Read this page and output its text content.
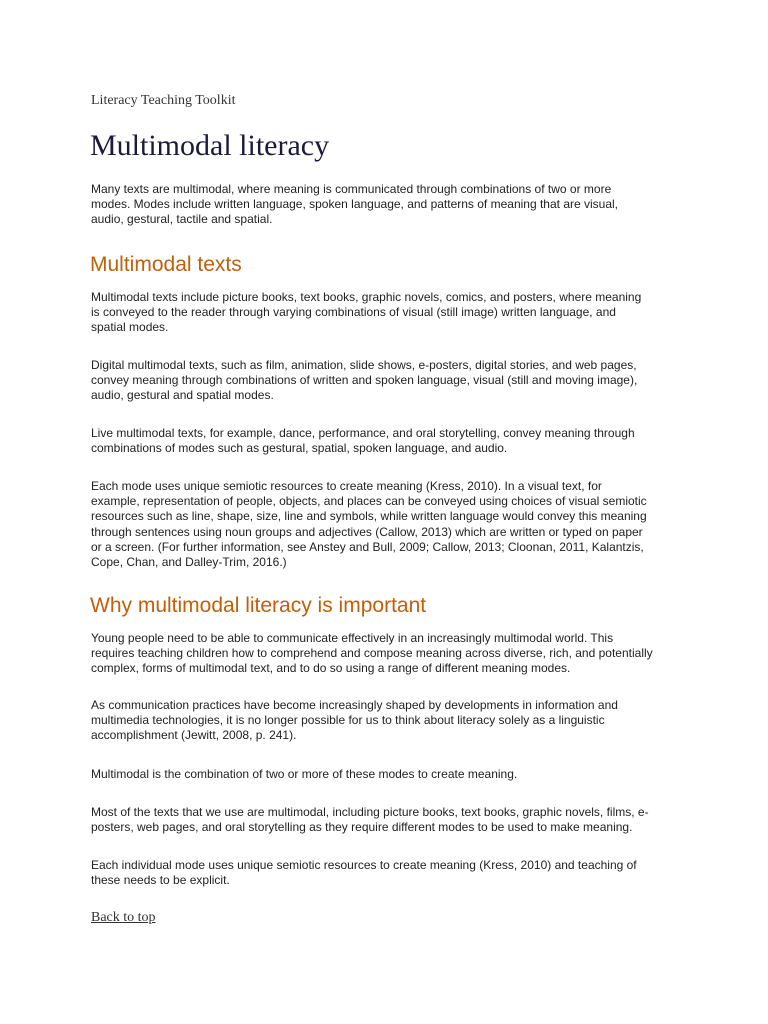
Literacy Teaching Toolkit

Multimodal literacy

Many texts are multimodal, where meaning is communicated through combinations of two or more
modes. Modes include written language, spoken language, and patterns of meaning that are visual,
audio, gestural, tactile and spatial.

Multimodal texts

Multimodal texts include picture books, text books, graphic novels, comics, and posters, where meaning
is conveyed to the reader through varying combinations of visual (still image) written language, and
spatial modes.

Digital multimodal texts, such as film, animation, slide shows, e-posters, digital stories, and web pages,
convey meaning through combinations of written and spoken language, visual (still and moving image),
audio, gestural and spatial modes.

Live multimodal texts, for example, dance, performance, and oral storytelling, convey meaning through
combinations of modes such as gestural, spatial, spoken language, and audio.

Each mode uses unique semiotic resources to create meaning (Kress, 2010). In a visual text, for
example, representation of people, objects, and places can be conveyed using choices of visual semiotic
resources such as line, shape, size, line and symbols, while written language would convey this meaning
through sentences using noun groups and adjectives (Callow, 2013) which are written or typed on paper
or a screen. (For further information, see Anstey and Bull, 2009; Callow, 2013; Cloonan, 2011, Kalantzis,
Cope, Chan, and Dalley-Trim, 2016.)

Why multimodal literacy is important

Young people need to be able to communicate effectively in an increasingly multimodal world. This
requires teaching children how to comprehend and compose meaning across diverse, rich, and potentially
complex, forms of multimodal text, and to do so using a range of different meaning modes.

As communication practices have become increasingly shaped by developments in information and
multimedia technologies, it is no longer possible for us to think about literacy solely as a linguistic
accomplishment (Jewitt, 2008, p. 241).

Multimodal is the combination of two or more of these modes to create meaning.

Most of the texts that we use are multimodal, including picture books, text books, graphic novels, films, e-
posters, web pages, and oral storytelling as they require different modes to be used to make meaning.

Each individual mode uses unique semiotic resources to create meaning (Kress, 2010) and teaching of
these needs to be explicit.

Back to top
